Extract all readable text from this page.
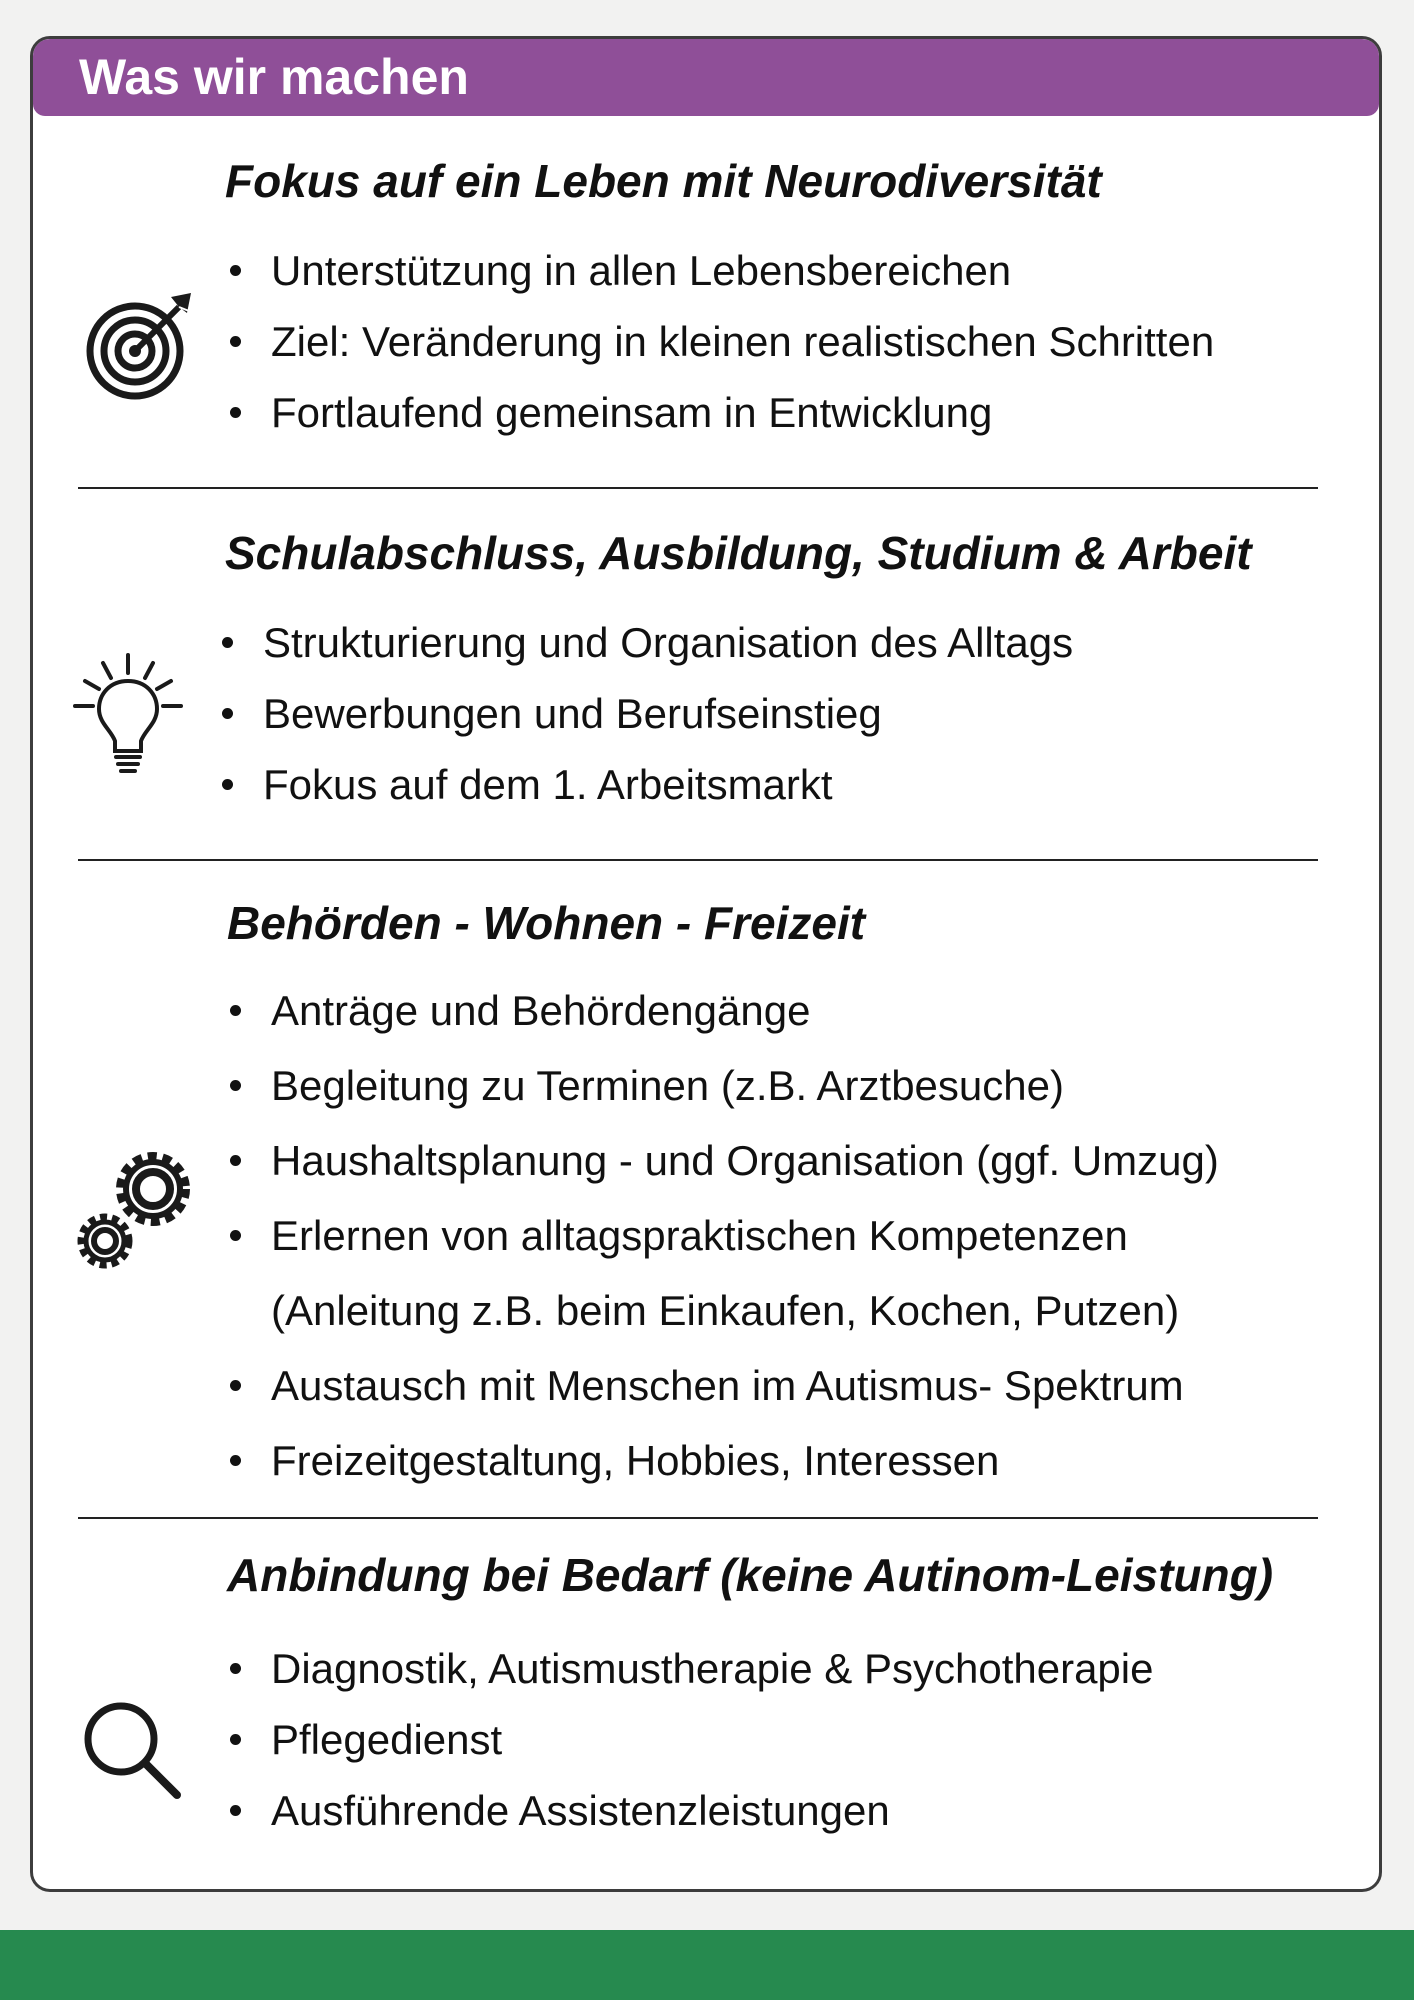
Was wir machen
Fokus auf ein Leben mit Neurodiversität
Unterstützung in allen Lebensbereichen
Ziel: Veränderung in kleinen realistischen Schritten
Fortlaufend gemeinsam in Entwicklung
Schulabschluss, Ausbildung, Studium & Arbeit
Strukturierung und Organisation des Alltags
Bewerbungen und Berufseinstieg
Fokus auf dem 1. Arbeitsmarkt
Behörden - Wohnen - Freizeit
Anträge und Behördengänge
Begleitung zu Terminen (z.B. Arztbesuche)
Haushaltsplanung - und Organisation (ggf. Umzug)
Erlernen von alltagspraktischen Kompetenzen
(Anleitung z.B. beim Einkaufen, Kochen, Putzen)
Austausch mit Menschen im Autismus- Spektrum
Freizeitgestaltung, Hobbies, Interessen
Anbindung bei Bedarf (keine Autinom-Leistung)
Diagnostik, Autismustherapie & Psychotherapie
Pflegedienst
Ausführende Assistenzleistungen
